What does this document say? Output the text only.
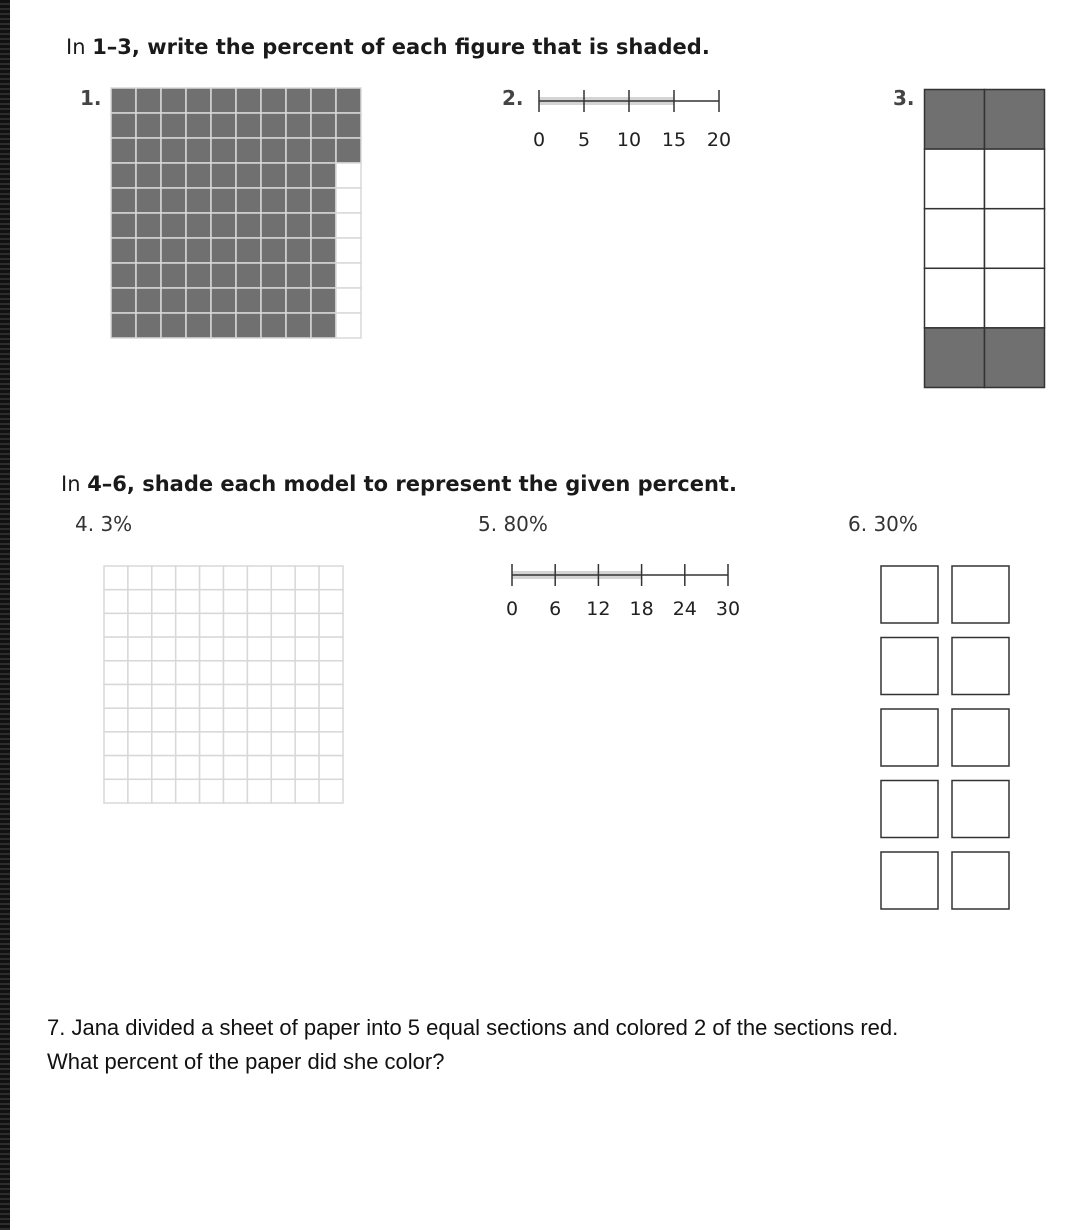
In 1–3, write the percent of each figure that is shaded.
1.	2.
0	5	10	15	20
3.
In 4–6, shade each model to represent the given percent.
4. 3%	5. 80%
0	6	12	18	24	30
6. 30%
7. Jana divided a sheet of paper into 5 equal sections and colored 2 of the sections red.
What percent of the paper did she color?
